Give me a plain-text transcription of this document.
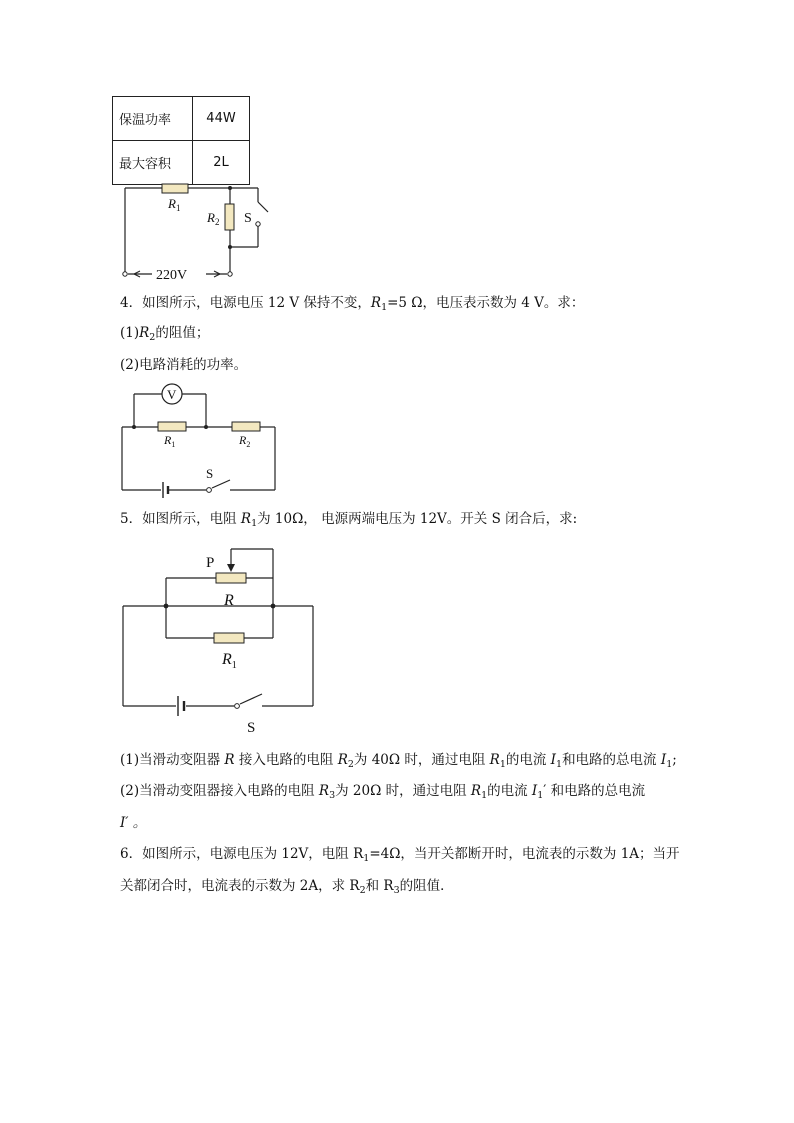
保温功率	44W
最大容积	2L
$R_1$
$R_2$ S
220V
4．如图所示，电源电压 12 V 保持不变，$R_1=5$ Ω，电压表示数为 4 V。求：
$(1)R_2$的阻值；
(2)电路消耗的功率。
V
$R_1$	$R_2$
S
5．如图所示，电阻 $R_1$为 10Ω， 电源两端电压为 12V。开关 S 闭合后，求:
P
R
$R_1$
S
(1)当滑动变阻器 R 接入电路的电阻 $R_2$为 40Ω 时，通过电阻 $R_1$的电流 $I_1$和电路的总电流 $I_1$;
(2)当滑动变阻器接入电路的电阻 $R_3$为 20Ω 时，通过电阻 $R_1$的电流 $I_1'$ 和电路的总电流
I′ 。
6．如图所示，电源电压为 12V，电阻 $R_1=4\Omega$，当开关都断开时，电流表的示数为 1A；当开
关都闭合时，电流表的示数为 2A，求 $R_2$和 $R_3$的阻值．
